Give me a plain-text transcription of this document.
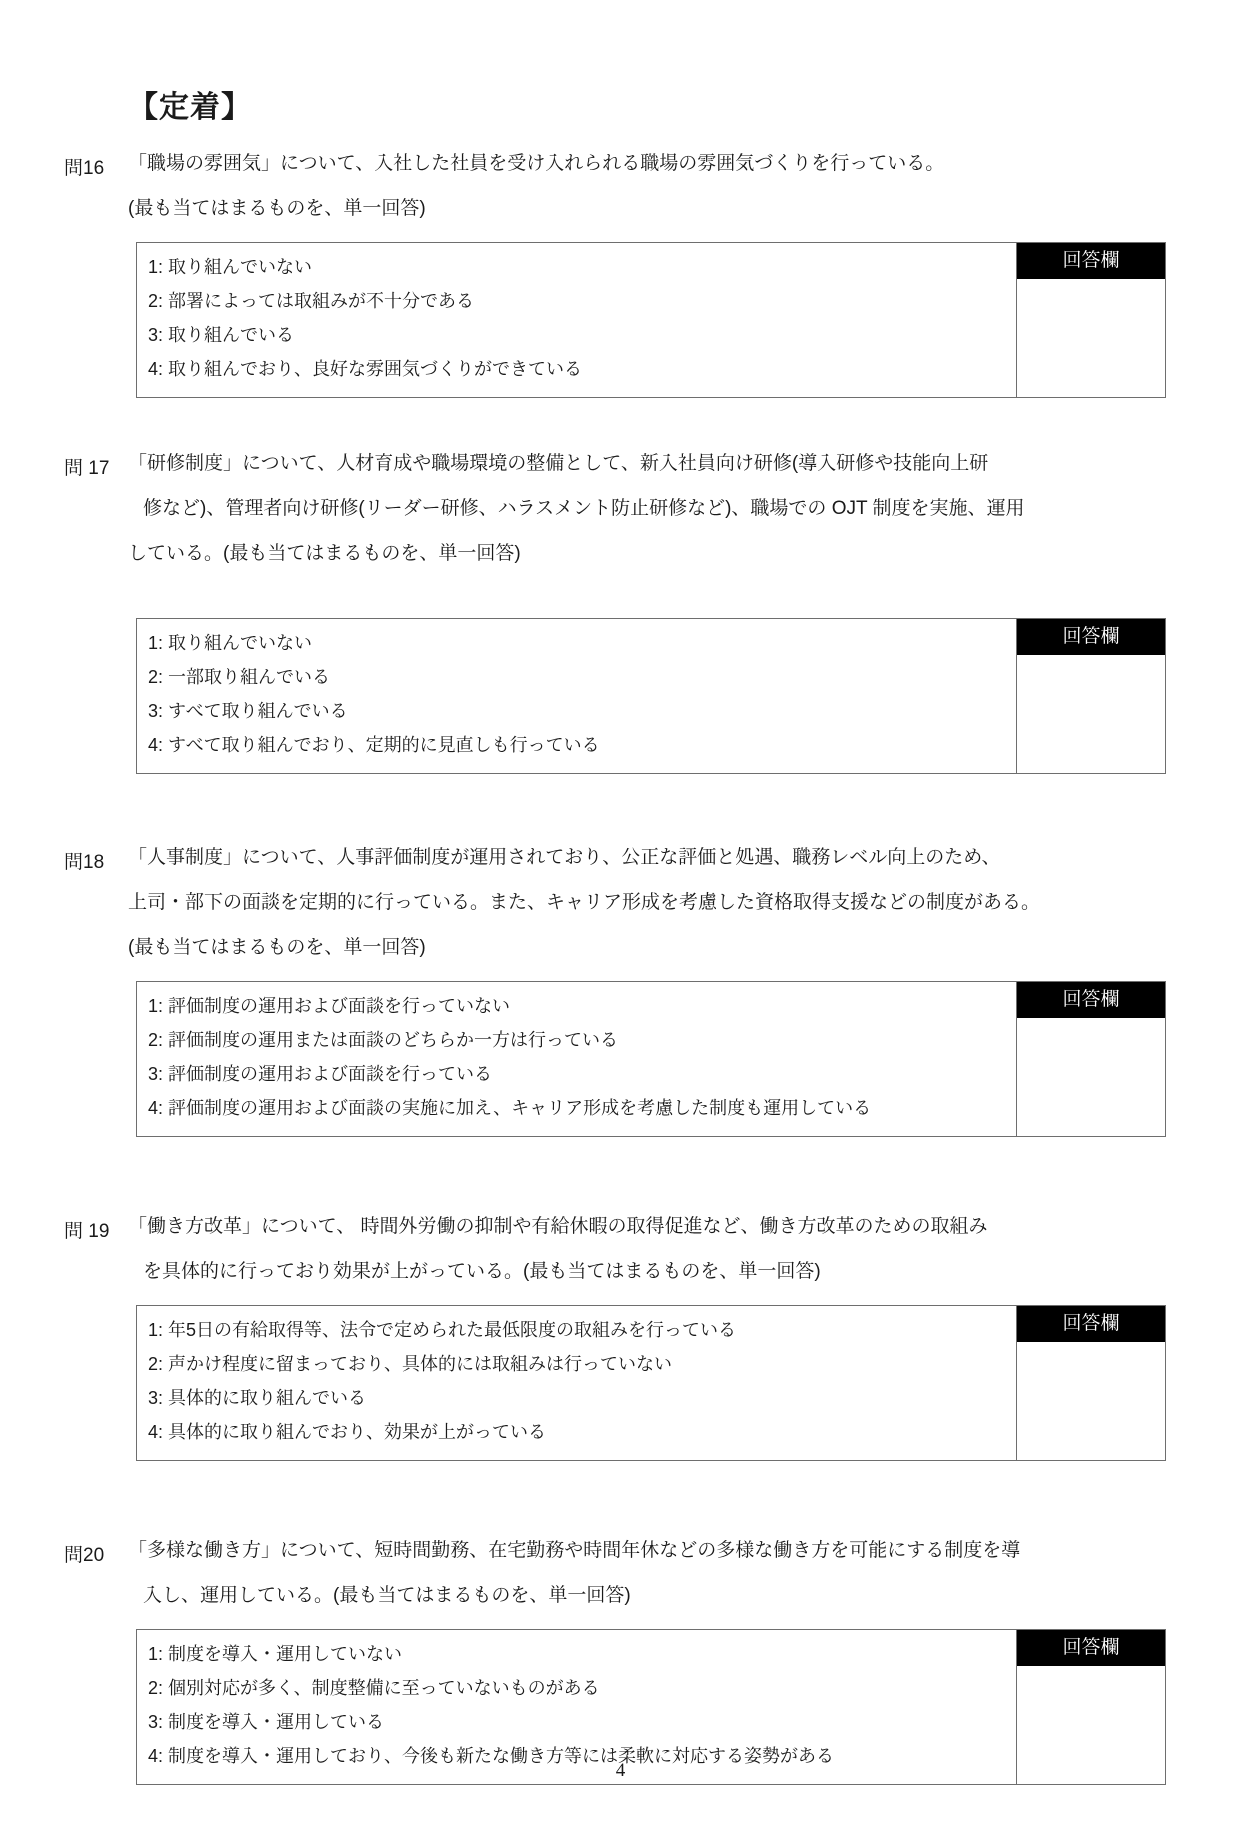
【定着】
問16	「職場の雰囲気」について、入社した社員を受け入れられる職場の雰囲気づくりを行っている。
(最も当てはまるものを、単一回答)
1: 取り組んでいない
2: 部署によっては取組みが不十分である
3: 取り組んでいる
4: 取り組んでおり、良好な雰囲気づくりができている
回答欄
問 17 「研修制度」について、人材育成や職場環境の整備として、新入社員向け研修(導入研修や技能向上研
修など)、管理者向け研修(リーダー研修、ハラスメント防止研修など)、職場での OJT 制度を実施、運用
している。(最も当てはまるものを、単一回答)
1: 取り組んでいない
2: 一部取り組んでいる
3: すべて取り組んでいる
4: すべて取り組んでおり、定期的に見直しも行っている
回答欄
問18	「人事制度」について、人事評価制度が運用されており、公正な評価と処遇、職務レベル向上のため、
上司・部下の面談を定期的に行っている。また、キャリア形成を考慮した資格取得支援などの制度がある。
(最も当てはまるものを、単一回答)
1: 評価制度の運用および面談を行っていない
2: 評価制度の運用または面談のどちらか一方は行っている
3: 評価制度の運用および面談を行っている
4: 評価制度の運用および面談の実施に加え、キャリア形成を考慮した制度も運用している
回答欄
問 19 「働き方改革」について、 時間外労働の抑制や有給休暇の取得促進など、働き方改革のための取組み
を具体的に行っており効果が上がっている。(最も当てはまるものを、単一回答)
1: 年5日の有給取得等、法令で定められた最低限度の取組みを行っている
2: 声かけ程度に留まっており、具体的には取組みは行っていない
3: 具体的に取り組んでいる
4: 具体的に取り組んでおり、効果が上がっている
回答欄
問20	「多様な働き方」について、短時間勤務、在宅勤務や時間年休などの多様な働き方を可能にする制度を導
入し、運用している。(最も当てはまるものを、単一回答)
1: 制度を導入・運用していない
2: 個別対応が多く、制度整備に至っていないものがある
3: 制度を導入・運用している
4: 制度を導入・運用しており、今後も新たな働き方等には柔軟に対応する姿勢がある
回答欄
4
